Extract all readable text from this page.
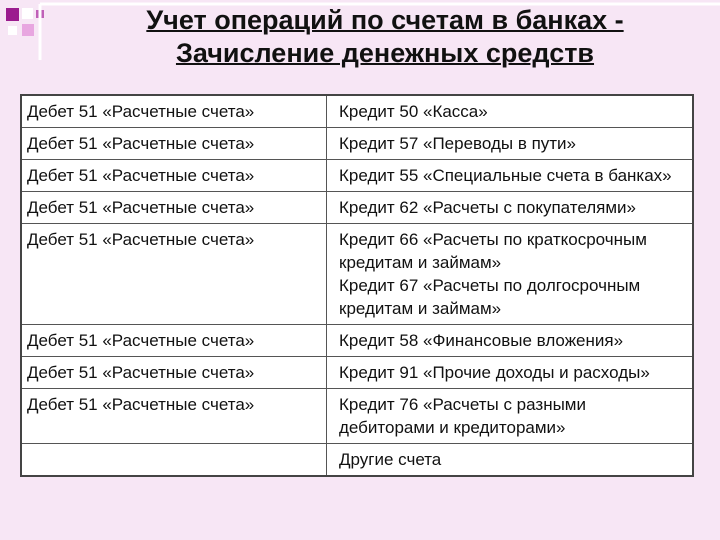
Учет операций по счетам в банках -
Зачисление денежных средств
Дебет 51 «Расчетные счета»	Кредит 50 «Касса»

Дебет 51 «Расчетные счета»	Кредит 57 «Переводы в пути»

Дебет 51 «Расчетные счета»	Кредит 55 «Специальные счета в банках»

Дебет 51 «Расчетные счета»	Кредит 62 «Расчеты с покупателями»

Дебет 51 «Расчетные счета»	Кредит 66 «Расчеты по краткосрочным кредитам и займам»
Кредит 67 «Расчеты по долгосрочным кредитам и займам»

Дебет 51 «Расчетные счета»	Кредит 58 «Финансовые вложения»

Дебет 51 «Расчетные счета»	Кредит 91 «Прочие доходы и расходы»

Дебет 51 «Расчетные счета»	Кредит 76 «Расчеты с разными дебиторами и кредиторами»

	Другие счета
